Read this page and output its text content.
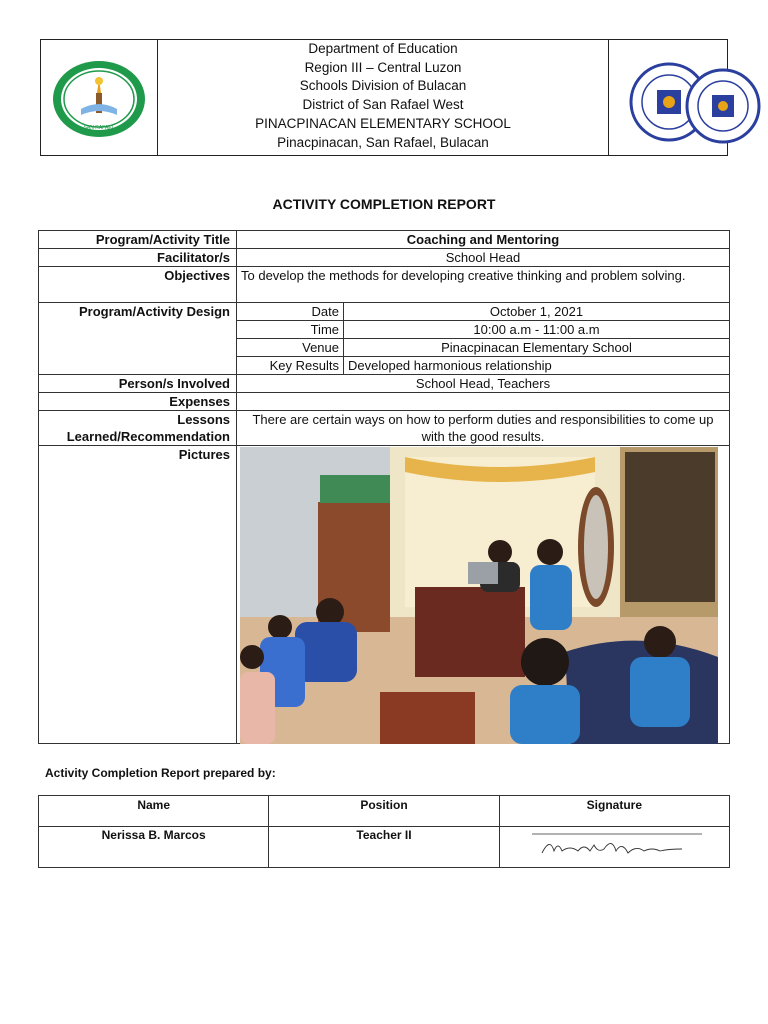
SAN RAFAEL
Department of Education
Region III – Central Luzon
Schools Division of Bulacan
District of San Rafael West
PINACPINACAN ELEMENTARY SCHOOL
Pinacpinacan, San Rafael, Bulacan
ACTIVITY COMPLETION REPORT
Program/Activity Title	Coaching and Mentoring
Facilitator/s	School Head
Objectives	To develop the methods for developing creative thinking and problem solving.
Program/Activity Design		Date	October 1, 2021
Time	10:00 a.m - 11:00 a.m
Venue	Pinacpinacan Elementary School
Key Results	Developed harmonious relationship

Person/s Involved	School Head, Teachers
Expenses	

Lessons
Learned/Recommendation
	There are certain ways on how to perform duties and responsibilities to come up with the good results.
Pictures	
Activity Completion Report prepared by:
Name	Position	Signature
Nerissa B. Marcos	Teacher II	
